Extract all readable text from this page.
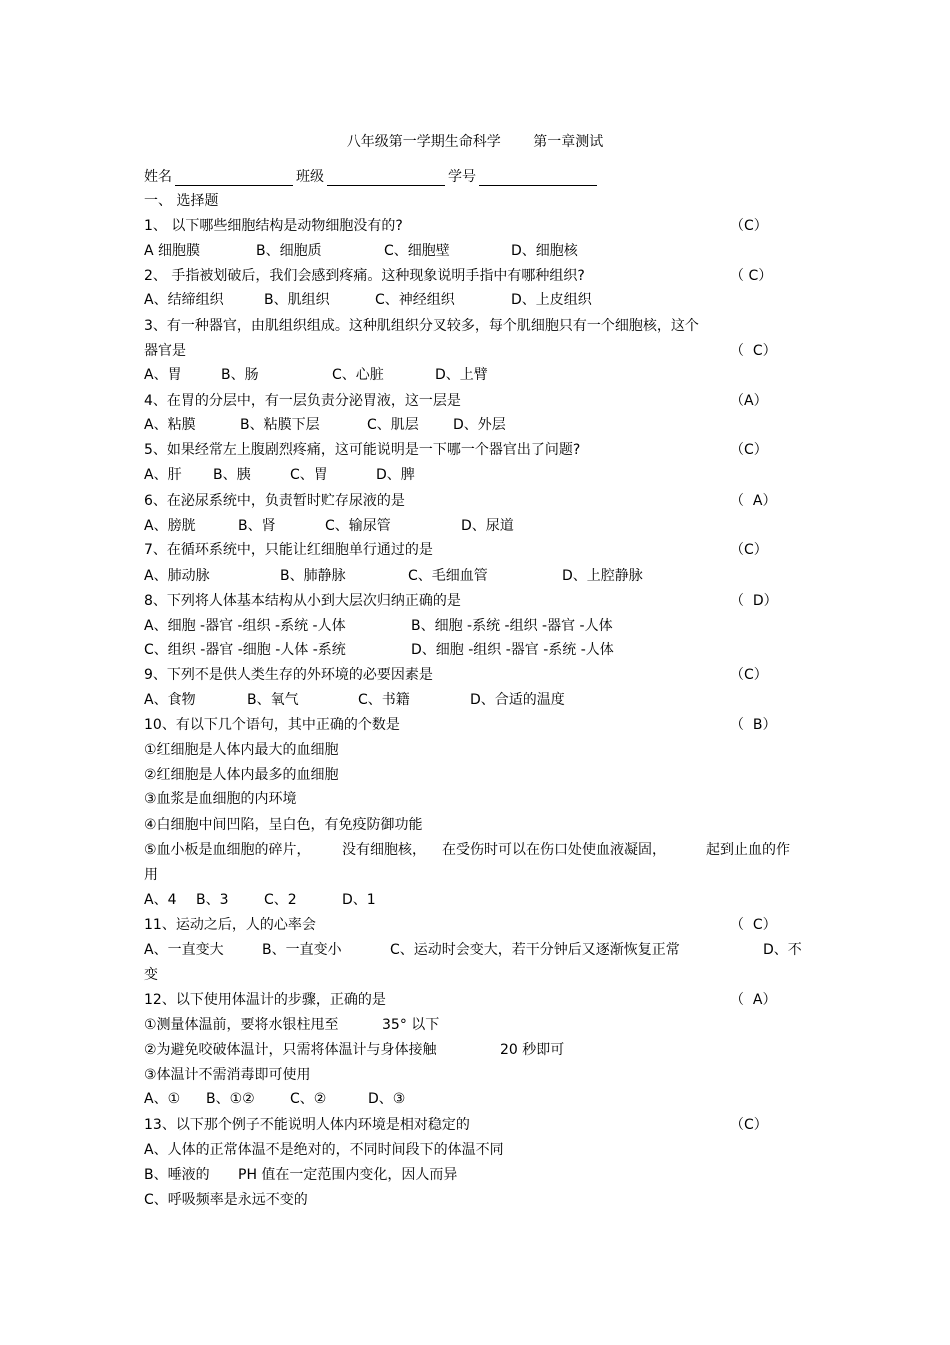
八年级第一学期生命科学 第一章测试
姓名	班级	学号
一、 选择题
1、 以下哪些细胞结构是动物细胞没有的?
A 细胞膜	B、细胞质	C、细胞壁	D、细胞核
2、 手指被划破后，我们会感到疼痛。这种现象说明手指中有哪种组织?
A、结缔组织	B、肌组织	C、神经组织	D、上皮组织
3、有一种器官，由肌组织组成。这种肌组织分叉较多，每个肌细胞只有一个细胞核，这个
器官是
A、胃	B、肠	C、心脏	D、上臂
4、在胃的分层中，有一层负责分泌胃液，这一层是
A、粘膜	B、粘膜下层	C、肌层 D、外层
5、如果经常左上腹剧烈疼痛，这可能说明是一下哪一个器官出了问题?
A、肝 B、胰	C、胃	D、脾
6、在泌尿系统中，负责暂时贮存尿液的是
A、膀胱	B、肾	C、输尿管	D、尿道
7、在循环系统中，只能让红细胞单行通过的是
A、肺动脉	B、肺静脉	C、毛细血管	D、上腔静脉
8、下列将人体基本结构从小到大层次归纳正确的是
A、细胞 -器官 -组织 -系统 -人体	B、细胞 -系统 -组织 -器官 -人体
C、组织 -器官 -细胞 -人体 -系统	D、细胞 -组织 -器官 -系统 -人体
9、下列不是供人类生存的外环境的必要因素是
A、食物	B、氧气	C、书籍	D、合适的温度
10、有以下几个语句，其中正确的个数是
①红细胞是人体内最大的血细胞
②红细胞是人体内最多的血细胞
③血浆是血细胞的内环境
④白细胞中间凹陷，呈白色，有免疫防御功能
⑤血小板是血细胞的碎片， 没有细胞核， 在受伤时可以在伤口处使血液凝固，	起到止血的作
用
A、4 B、3	C、2	D、1
11、运动之后，人的心率会
A、一直变大	B、一直变小	C、运动时会变大，若干分钟后又逐渐恢复正常	D、不
变
12、以下使用体温计的步骤，正确的是
①测量体温前，要将水银柱甩至	35° 以下
②为避免咬破体温计，只需将体温计与身体接触	20 秒即可
③体温计不需消毒即可使用
A、① B、①②	C、②	D、③
13、以下那个例子不能说明人体内环境是相对稳定的
A、人体的正常体温不是绝对的，不同时间段下的体温不同
B、唾液的 PH 值在一定范围内变化，因人而异
C、呼吸频率是永远不变的
（C）
（ C）
（  C）
（A）
（C）
（  A）
（C）
（  D）
（C）
（  B）
（  C）
（  A）
（C）
